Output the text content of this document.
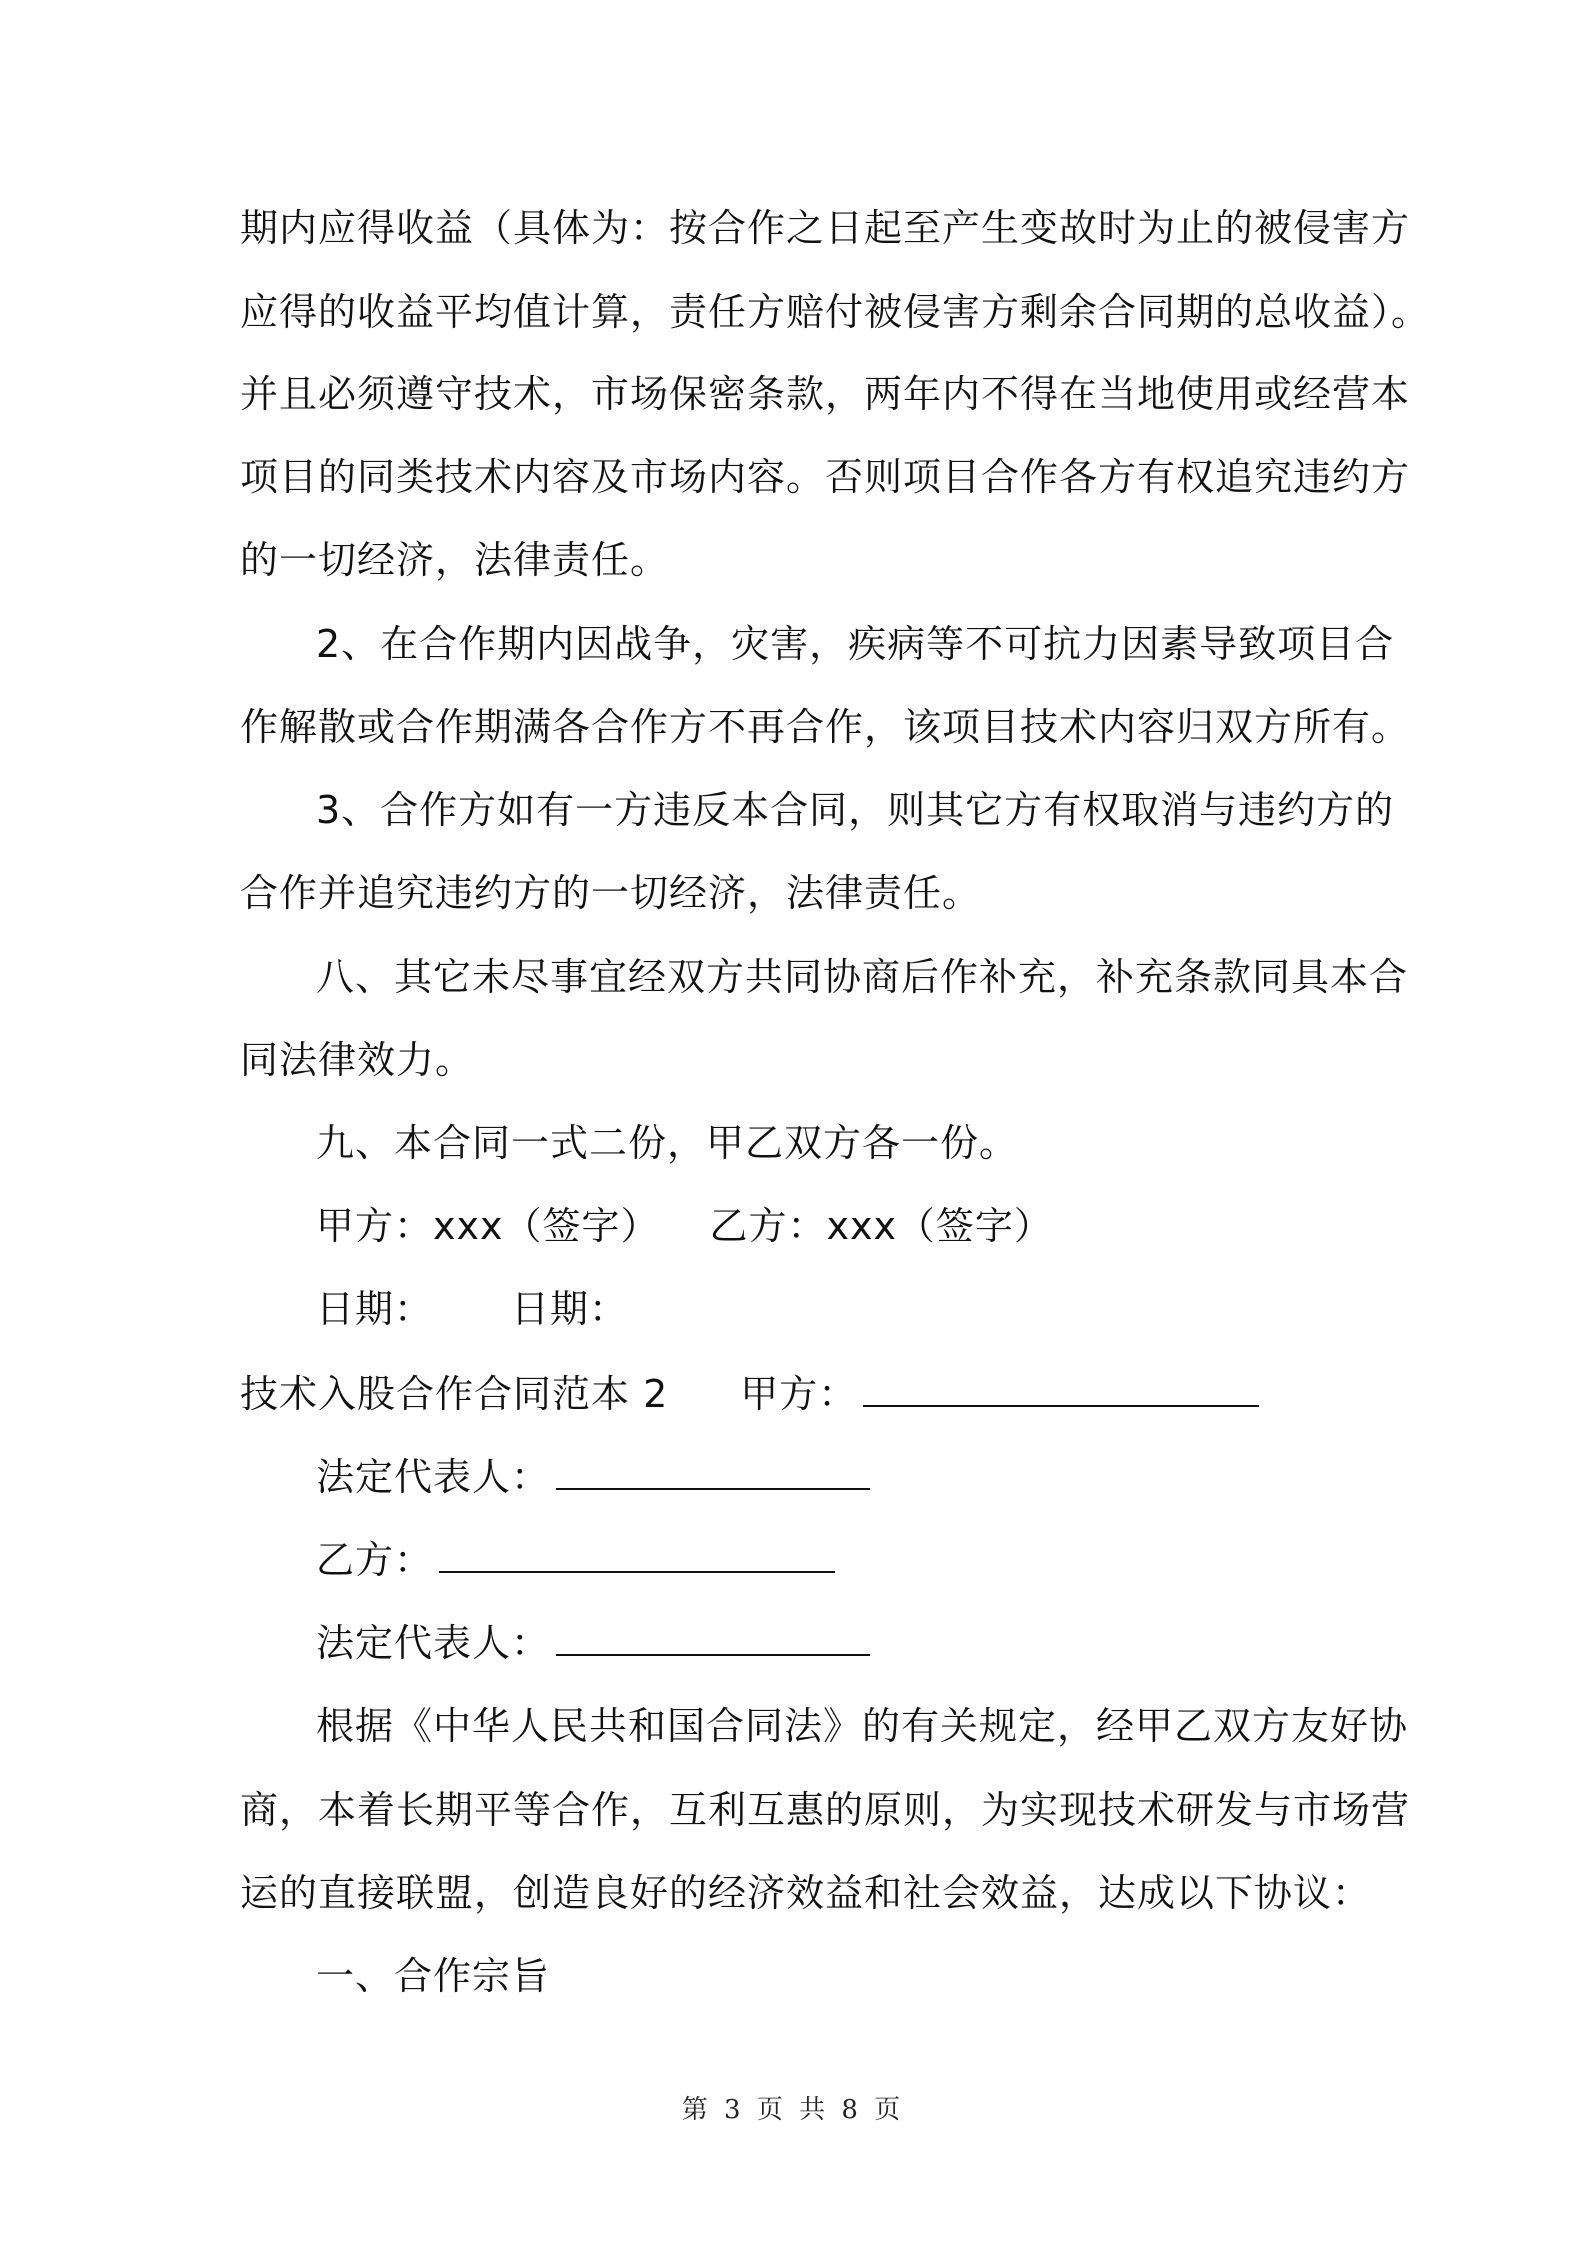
期内应得收益（具体为：按合作之日起至产生变故时为止的被侵害方
应得的收益平均值计算，责任方赔付被侵害方剩余合同期的总收益）。
并且必须遵守技术，市场保密条款，两年内不得在当地使用或经营本
项目的同类技术内容及市场内容。否则项目合作各方有权追究违约方
的一切经济，法律责任。
2、在合作期内因战争，灾害，疾病等不可抗力因素导致项目合
作解散或合作期满各合作方不再合作，该项目技术内容归双方所有。
3、合作方如有一方违反本合同，则其它方有权取消与违约方的
合作并追究违约方的一切经济，法律责任。
八、其它未尽事宜经双方共同协商后作补充，补充条款同具本合
同法律效力。
九、本合同一式二份，甲乙双方各一份。
甲方：xxx（签字） 乙方：xxx（签字）
日期： 日期：
技术入股合作合同范本 2 甲方：
法定代表人：
乙方：
法定代表人：
根据《中华人民共和国合同法》的有关规定，经甲乙双方友好协
商，本着长期平等合作，互利互惠的原则，为实现技术研发与市场营
运的直接联盟，创造良好的经济效益和社会效益，达成以下协议：
一、合作宗旨
第 3 页 共 8 页
